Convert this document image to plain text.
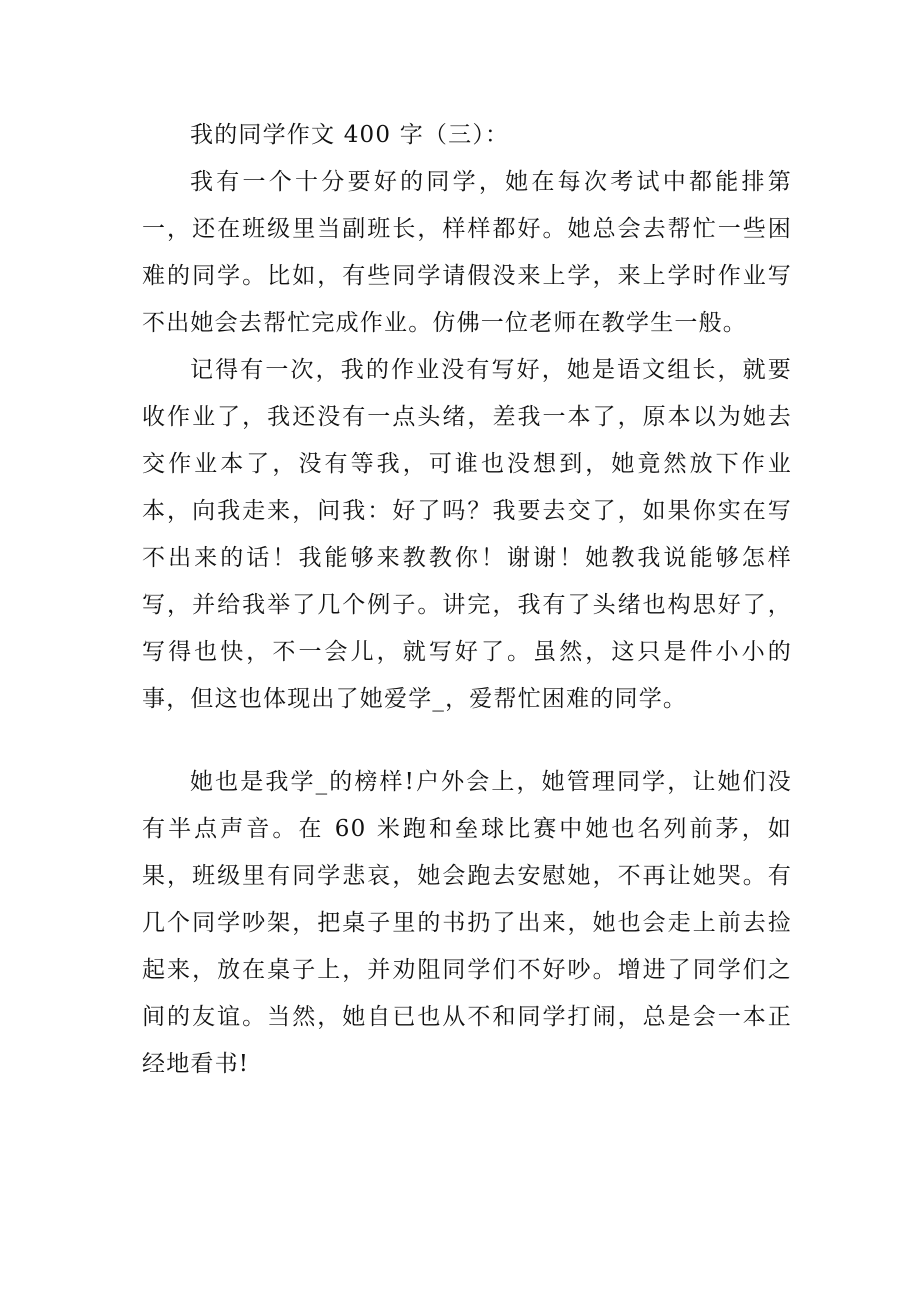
我的同学作文 400 字（三）：

我有一个十分要好的同学，她在每次考试中都能排第一，还在班级里当副班长，样样都好。她总会去帮忙一些困难的同学。比如，有些同学请假没来上学，来上学时作业写不出她会去帮忙完成作业。仿佛一位老师在教学生一般。

记得有一次，我的作业没有写好，她是语文组长，就要收作业了，我还没有一点头绪，差我一本了，原本以为她去交作业本了，没有等我，可谁也没想到，她竟然放下作业本，向我走来，问我：好了吗？我要去交了，如果你实在写不出来的话！我能够来教教你！谢谢！她教我说能够怎样写，并给我举了几个例子。讲完，我有了头绪也构思好了，写得也快，不一会儿，就写好了。虽然，这只是件小小的事，但这也体现出了她爱学_，爱帮忙困难的同学。

她也是我学_的榜样!户外会上，她管理同学，让她们没有半点声音。在 60 米跑和垒球比赛中她也名列前茅，如果，班级里有同学悲哀，她会跑去安慰她，不再让她哭。有几个同学吵架，把桌子里的书扔了出来，她也会走上前去捡起来，放在桌子上，并劝阻同学们不好吵。增进了同学们之间的友谊。当然，她自已也从不和同学打闹，总是会一本正经地看书!
